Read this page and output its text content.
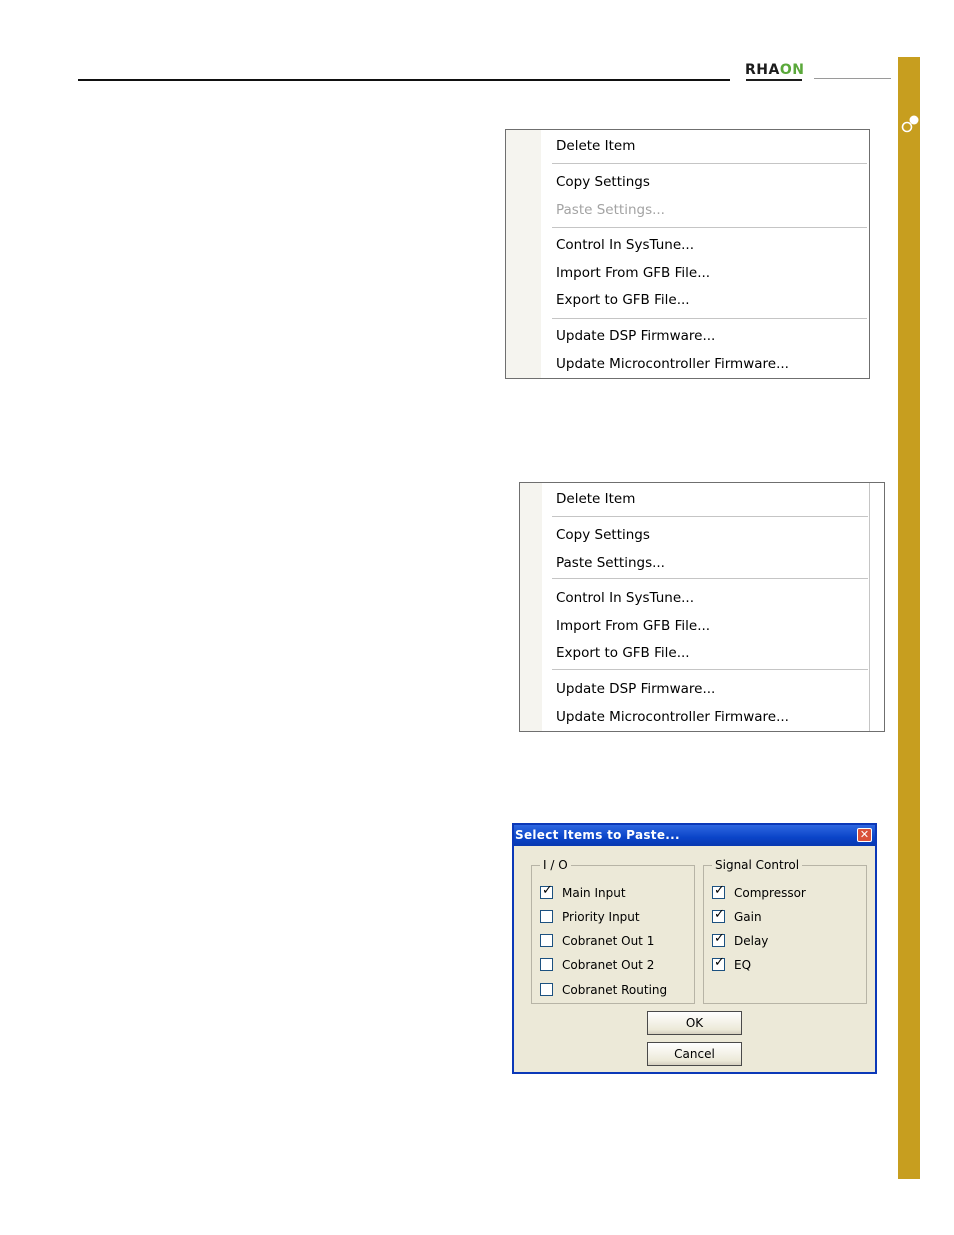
RHAON
Delete Item
Copy Settings
Paste Settings...
Control In SysTune...
Import From GFB File...
Export to GFB File...
Update DSP Firmware...
Update Microcontroller Firmware...
Delete Item
Copy Settings
Paste Settings...
Control In SysTune...
Import From GFB File...
Export to GFB File...
Update DSP Firmware...
Update Microcontroller Firmware...
Select Items to Paste...	✕
I / O
✓ Main Input
Priority Input
Cobranet Out 1
Cobranet Out 2
Cobranet Routing
Signal Control
✓ Compressor
✓ Gain
✓ Delay
✓ EQ
OK
Cancel
